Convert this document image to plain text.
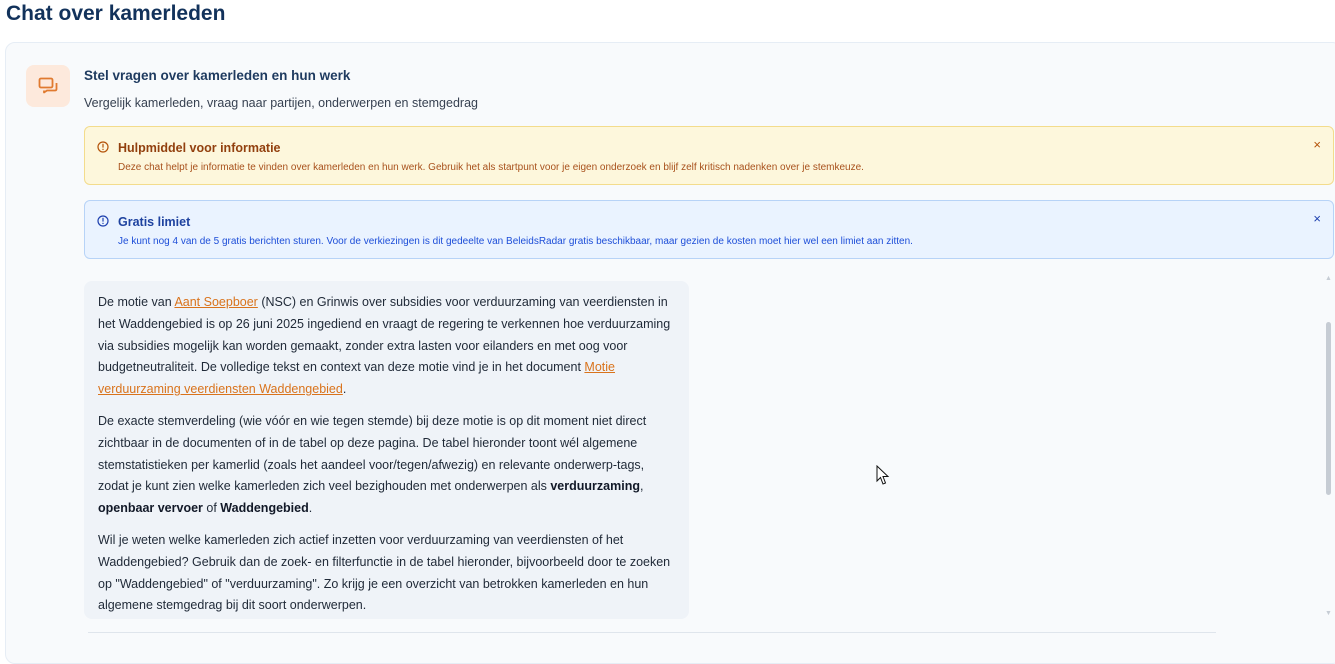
Chat over kamerleden
Stel vragen over kamerleden en hun werk
Vergelijk kamerleden, vraag naar partijen, onderwerpen en stemgedrag
Hulpmiddel voor informatie
Deze chat helpt je informatie te vinden over kamerleden en hun werk. Gebruik het als startpunt voor je eigen onderzoek en blijf zelf kritisch nadenken over je stemkeuze.
×
Gratis limiet
Je kunt nog 4 van de 5 gratis berichten sturen. Voor de verkiezingen is dit gedeelte van BeleidsRadar gratis beschikbaar, maar gezien de kosten moet hier wel een limiet aan zitten.
×

De motie van Aant Soepboer (NSC) en Grinwis over subsidies voor verduurzaming van veerdiensten in het Waddengebied is op 26 juni 2025 ingediend en vraagt de regering te verkennen hoe verduurzaming via subsidies mogelijk kan worden gemaakt, zonder extra lasten voor eilanders en met oog voor budgetneutraliteit. De volledige tekst en context van deze motie vind je in het document Motie verduurzaming veerdiensten Waddengebied.

De exacte stemverdeling (wie vóór en wie tegen stemde) bij deze motie is op dit moment niet direct zichtbaar in de documenten of in de tabel op deze pagina. De tabel hieronder toont wél algemene stemstatistieken per kamerlid (zoals het aandeel voor/tegen/afwezig) en relevante onderwerp-tags, zodat je kunt zien welke kamerleden zich veel bezighouden met onderwerpen als verduurzaming, openbaar vervoer of Waddengebied.

Wil je weten welke kamerleden zich actief inzetten voor verduurzaming van veerdiensten of het Waddengebied? Gebruik dan de zoek- en filterfunctie in de tabel hieronder, bijvoorbeeld door te zoeken op "Waddengebied" of "verduurzaming". Zo krijg je een overzicht van betrokken kamerleden en hun algemene stemgedrag bij dit soort onderwerpen.

▲
▼
